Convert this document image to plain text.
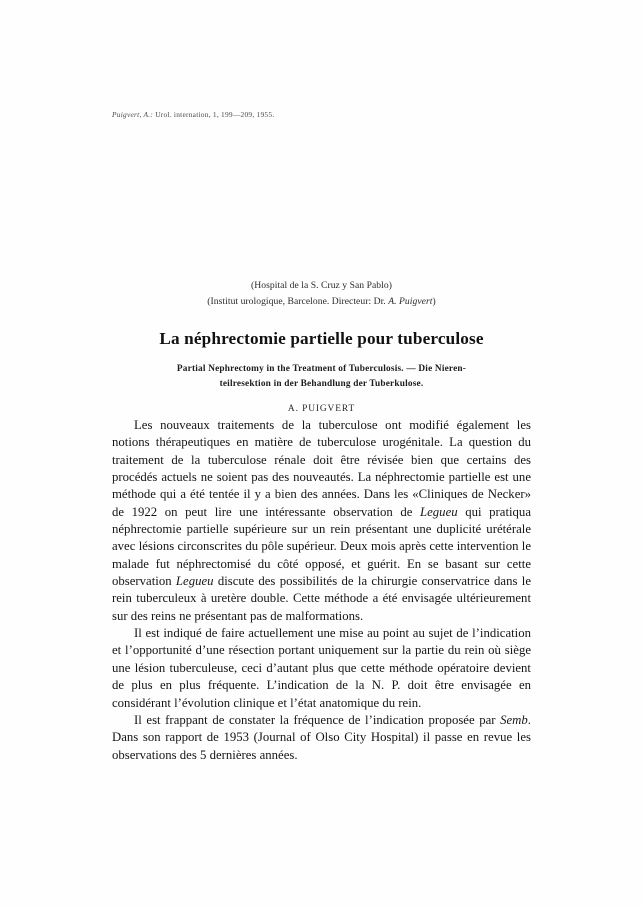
Puigvert, A.: Urol. internation, 1, 199—209, 1955.
(Hospital de la S. Cruz y San Pablo)
(Institut urologique, Barcelone. Directeur: Dr. A. Puigvert)
La néphrectomie partielle pour tuberculose
Partial Nephrectomy in the Treatment of Tuberculosis. — Die Nieren-
teilresektion in der Behandlung der Tuberkulose.
A. PUIGVERT

Les nouveaux traitements de la tuberculose ont modifié également les notions thérapeutiques en matière de tuberculose urogénitale. La question du traitement de la tuberculose rénale doit être révisée bien que certains des procédés actuels ne soient pas des nouveautés. La néphrectomie partielle est une méthode qui a été tentée il y a bien des années. Dans les «Cliniques de Necker» de 1922 on peut lire une intéressante observation de Legueu qui pratiqua néphrectomie partielle supérieure sur un rein présentant une duplicité urétérale avec lésions circonscrites du pôle supérieur. Deux mois après cette intervention le malade fut néphrectomisé du côté opposé, et guérit. En se basant sur cette observation Legueu discute des possibilités de la chirurgie conservatrice dans le rein tuberculeux à uretère double. Cette méthode a été envisagée ultérieurement sur des reins ne présentant pas de malformations.

Il est indiqué de faire actuellement une mise au point au sujet de l’indication et l’opportunité d’une résection portant uniquement sur la partie du rein où siège une lésion tuberculeuse, ceci d’autant plus que cette méthode opératoire devient de plus en plus fréquente. L’indication de la N. P. doit être envisagée en considérant l’évolution clinique et l’état anatomique du rein.

Il est frappant de constater la fréquence de l’indication proposée par Semb. Dans son rapport de 1953 (Journal of Olso City Hospital) il passe en revue les observations des 5 dernières années.
